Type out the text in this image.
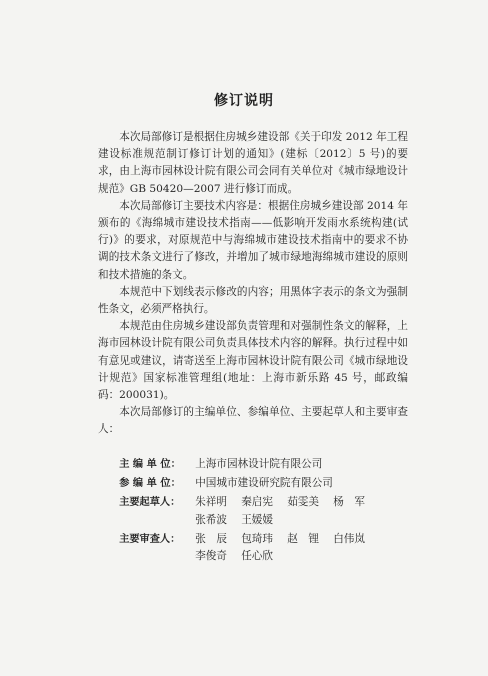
修订说明

本次局部修订是根据住房城乡建设部《关于印发 2012 年工程建设标准规范制订修订计划的通知》(建标〔2012〕5 号)的要求，由上海市园林设计院有限公司会同有关单位对《城市绿地设计规范》GB 50420—2007 进行修订而成。

本次局部修订主要技术内容是：根据住房城乡建设部 2014 年颁布的《海绵城市建设技术指南——低影响开发雨水系统构建(试行)》的要求，对原规范中与海绵城市建设技术指南中的要求不协调的技术条文进行了修改，并增加了城市绿地海绵城市建设的原则和技术措施的条文。

本规范中下划线表示修改的内容；用黑体字表示的条文为强制性条文，必须严格执行。

本规范由住房城乡建设部负责管理和对强制性条文的解释，上海市园林设计院有限公司负责具体技术内容的解释。执行过程中如有意见或建议，请寄送至上海市园林设计院有限公司《城市绿地设计规范》国家标准管理组(地址：上海市新乐路 45 号，邮政编码：200031)。

本次局部修订的主编单位、参编单位、主要起草人和主要审查人：

主 编 单 位：	上海市园林设计院有限公司
参 编 单 位：	中国城市建设研究院有限公司
主要起草人：	朱祥明	秦启宪	茹雯美	杨　军
张希波	王媛媛
主要审查人：	张　辰	包琦玮	赵　锂	白伟岚
李俊奇	任心欣
